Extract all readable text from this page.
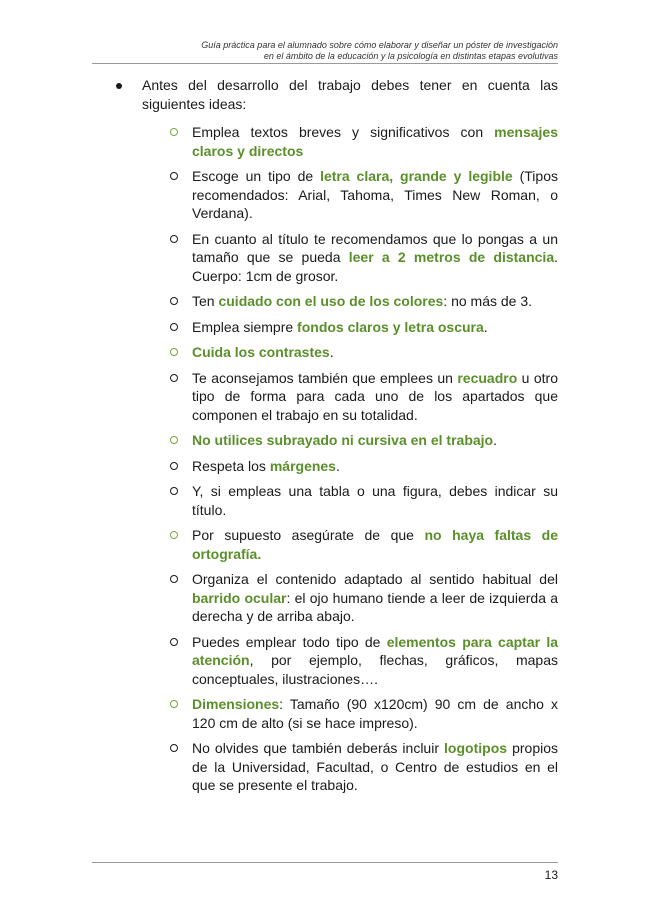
Guía práctica para el alumnado sobre cómo elaborar y diseñar un póster de investigación
en el ámbito de la educación y la psicología en distintas etapas evolutivas
Antes del desarrollo del trabajo debes tener en cuenta las siguientes ideas:
Emplea textos breves y significativos con mensajes claros y directos
Escoge un tipo de letra clara, grande y legible (Tipos recomendados: Arial, Tahoma, Times New Roman, o Verdana).
En cuanto al título te recomendamos que lo pongas a un tamaño que se pueda leer a 2 metros de distancia. Cuerpo: 1cm de grosor.
Ten cuidado con el uso de los colores: no más de 3.
Emplea siempre fondos claros y letra oscura.
Cuida los contrastes.
Te aconsejamos también que emplees un recuadro u otro tipo de forma para cada uno de los apartados que componen el trabajo en su totalidad.
No utilices subrayado ni cursiva en el trabajo.
Respeta los márgenes.
Y, si empleas una tabla o una figura, debes indicar su título.
Por supuesto asegúrate de que no haya faltas de ortografía.
Organiza el contenido adaptado al sentido habitual del barrido ocular: el ojo humano tiende a leer de izquierda a derecha y de arriba abajo.
Puedes emplear todo tipo de elementos para captar la atención, por ejemplo, flechas, gráficos, mapas conceptuales, ilustraciones….
Dimensiones: Tamaño (90 x120cm) 90 cm de ancho x 120 cm de alto (si se hace impreso).
No olvides que también deberás incluir logotipos propios de la Universidad, Facultad, o Centro de estudios en el que se presente el trabajo.
13
